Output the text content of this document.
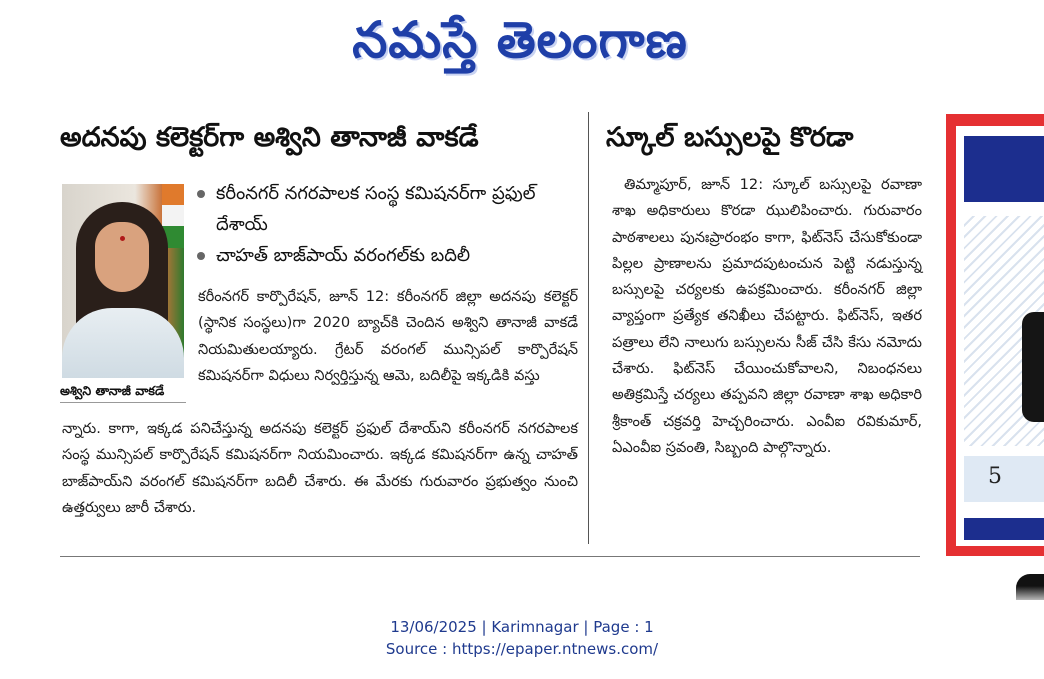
నమస్తే తెలంగాణ
అదనపు కలెక్టర్‌గా అశ్విని తానాజీ వాకడే	స్కూల్ బస్సులపై కొరడా
అశ్విని తానాజీ వాకడే
కరీంనగర్ నగరపాలక సంస్థ కమిషనర్‌గా ప్రఫుల్ దేశాయ్
చాహత్ బాజ్‌పాయ్ వరంగల్‌కు బదిలీ

కరీంనగర్ కార్పొరేషన్, జూన్ 12: కరీంనగర్ జిల్లా అదనపు కలెక్టర్ (స్థానిక సంస్థలు)గా 2020 బ్యాచ్‌కి చెందిన అశ్విని తానాజీ వాకడే నియమితులయ్యారు. గ్రేటర్ వరంగల్ మున్సిపల్ కార్పొరేషన్ కమిషనర్‌గా విధులు నిర్వర్తిస్తున్న ఆమె, బదిలీపై ఇక్కడికి వస్తు

న్నారు. కాగా, ఇక్కడ పనిచేస్తున్న అదనపు కలెక్టర్ ప్రఫుల్ దేశాయ్‌ని కరీంనగర్ నగరపాలక సంస్థ మున్సిపల్ కార్పొరేషన్ కమిషనర్‌గా నియమించారు. ఇక్కడ కమిషనర్‌గా ఉన్న చాహత్ బాజ్‌పాయ్‌ని వరంగల్ కమిషనర్‌గా బదిలీ చేశారు. ఈ మేరకు గురువారం ప్రభుత్వం నుంచి ఉత్తర్వులు జారీ చేశారు.

తిమ్మాపూర్, జూన్ 12: స్కూల్ బస్సులపై రవాణా శాఖ అధికారులు కొరడా ఝులిపించారు. గురువారం పాఠశాలలు పునఃప్రారంభం కాగా, ఫిట్‌నెస్ చేసుకోకుండా పిల్లల ప్రాణాలను ప్రమాదపుటంచున పెట్టి నడుస్తున్న బస్సులపై చర్యలకు ఉపక్రమించారు. కరీంనగర్ జిల్లా వ్యాప్తంగా ప్రత్యేక తనిఖీలు చేపట్టారు. ఫిట్‌నెస్, ఇతర పత్రాలు లేని నాలుగు బస్సులను సీజ్ చేసి కేసు నమోదు చేశారు. ఫిట్‌నెస్ చేయించుకోవాలని, నిబంధనలు అతిక్రమిస్తే చర్యలు తప్పవని జిల్లా రవాణా శాఖ అధికారి శ్రీకాంత్ చక్రవర్తి హెచ్చరించారు. ఎంవీఐ రవికుమార్, ఏఎంవీఐ స్రవంతి, సిబ్బంది పాల్గొన్నారు.

5
13/06/2025 | Karimnagar | Page : 1
Source : https://epaper.ntnews.com/
